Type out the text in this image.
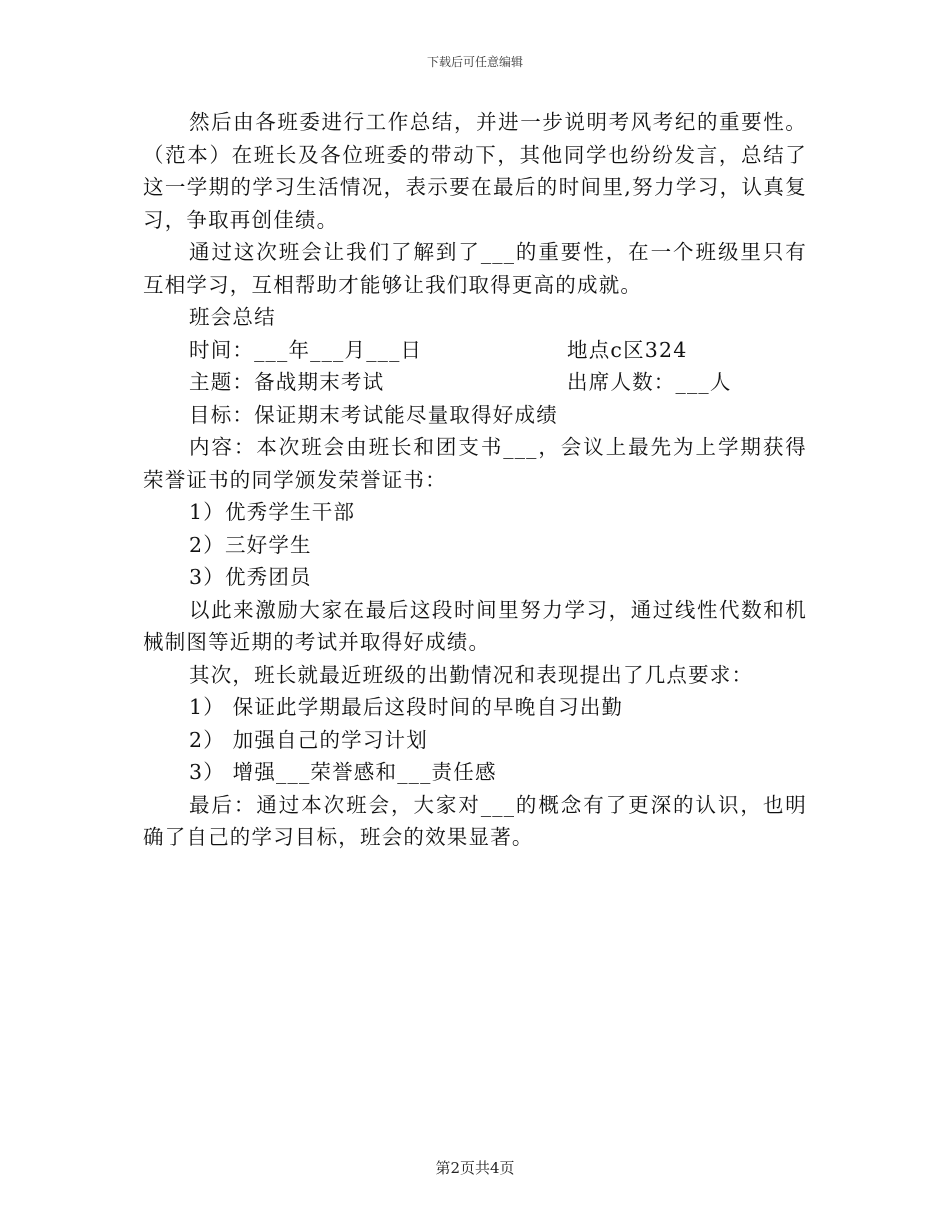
下载后可任意编辑

然后由各班委进行工作总结，并进一步说明考风考纪的重要性。（范本）在班长及各位班委的带动下，其他同学也纷纷发言，总结了这一学期的学习生活情况，表示要在最后的时间里,努力学习，认真复习，争取再创佳绩。

通过这次班会让我们了解到了___的重要性，在一个班级里只有互相学习，互相帮助才能够让我们取得更高的成就。

班会总结

时间：___年___月___日	地点c区324
主题：备战期末考试	出席人数：___人

目标：保证期末考试能尽量取得好成绩

内容：本次班会由班长和团支书___，会议上最先为上学期获得荣誉证书的同学颁发荣誉证书：

1）优秀学生干部

2）三好学生

3）优秀团员

以此来激励大家在最后这段时间里努力学习，通过线性代数和机械制图等近期的考试并取得好成绩。

其次，班长就最近班级的出勤情况和表现提出了几点要求：

1） 保证此学期最后这段时间的早晚自习出勤

2） 加强自己的学习计划

3） 增强___荣誉感和___责任感

最后：通过本次班会，大家对___的概念有了更深的认识，也明确了自己的学习目标，班会的效果显著。

第2页共4页
